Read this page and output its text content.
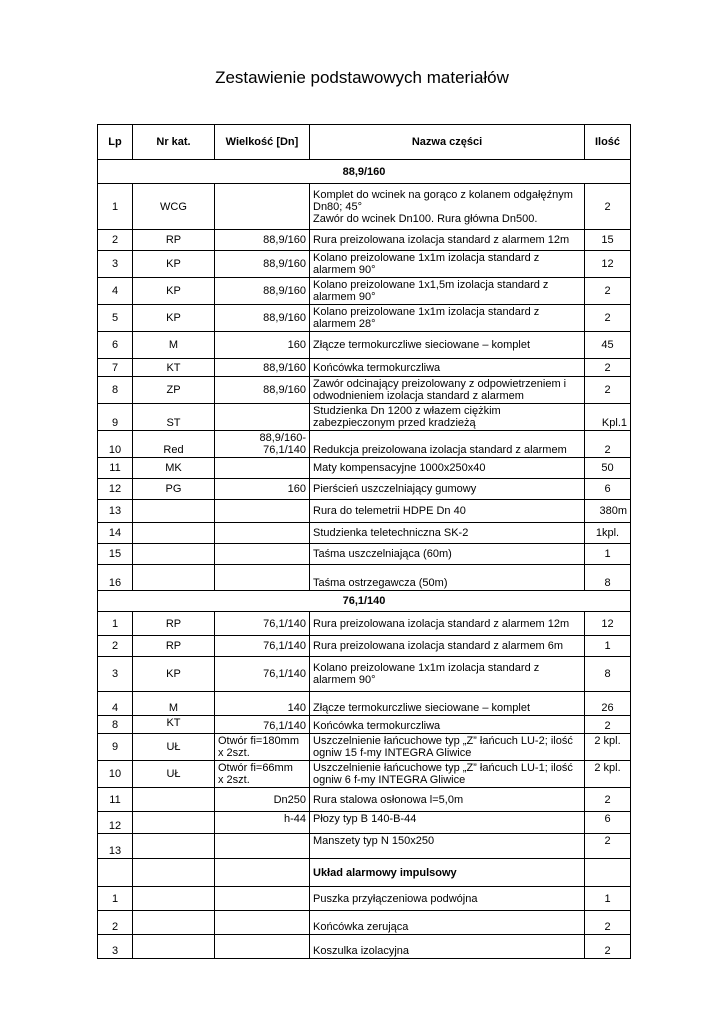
Zestawienie podstawowych materiałów
Lp	Nr kat.	Wielkość [Dn]	Nazwa części	Ilość
88,9/160				
1	WCG		Komplet do wcinek na gorąco z kolanem odgałęźnym Dn80; 45°
Zawór do wcinek Dn100. Rura główna Dn500.	2
2	RP	88,9/160	Rura preizolowana izolacja standard z alarmem 12m	15
3	KP	88,9/160	Kolano preizolowane 1x1m izolacja standard z alarmem 90°	12
4	KP	88,9/160	Kolano preizolowane 1x1,5m izolacja standard z alarmem 90°	2
5	KP	88,9/160	Kolano preizolowane 1x1m izolacja standard z alarmem 28°	2
6	M	160	Złącze termokurczliwe sieciowane – komplet	45
7	KT	88,9/160	Końcówka termokurczliwa	2
8	ZP	88,9/160	Zawór odcinający preizolowany z odpowietrzeniem i odwodnieniem izolacja standard z alarmem	2
9	ST		Studzienka Dn 1200 z włazem ciężkim zabezpieczonym przed kradzieżą	Kpl.1
10	Red	88,9/160-
76,1/140	Redukcja preizolowana izolacja standard z alarmem	2
11	MK		Maty kompensacyjne 1000x250x40	50
12	PG	160	Pierścień uszczelniający gumowy	6
13			Rura do telemetrii HDPE Dn 40	380m
14			Studzienka teletechniczna SK-2	1kpl.
15			Taśma uszczelniająca (60m)	1
16			Taśma ostrzegawcza (50m)	8
76,1/140				
1	RP	76,1/140	Rura preizolowana izolacja standard z alarmem 12m	12
2	RP	76,1/140	Rura preizolowana izolacja standard z alarmem 6m	1
3	KP	76,1/140	Kolano preizolowane 1x1m izolacja standard z alarmem 90°	8
4	M	140	Złącze termokurczliwe sieciowane – komplet	26
8	KT	76,1/140	Końcówka termokurczliwa	2
9	UŁ	Otwór fi=180mm
x 2szt.	Uszczelnienie łańcuchowe typ „Z” łańcuch LU-2; ilość ogniw 15 f-my INTEGRA Gliwice	2 kpl.
10	UŁ	Otwór fi=66mm
x 2szt.	Uszczelnienie łańcuchowe typ „Z” łańcuch LU-1; ilość ogniw 6 f-my INTEGRA Gliwice	2 kpl.
11		Dn250	Rura stalowa osłonowa l=5,0m	2
12		h-44	Płozy typ B 140-B-44	6
13			Manszety typ N 150x250	2
			Układ alarmowy impulsowy	
1			Puszka przyłączeniowa podwójna	1
2			Końcówka zerująca	2
3			Koszulka izolacyjna	2
